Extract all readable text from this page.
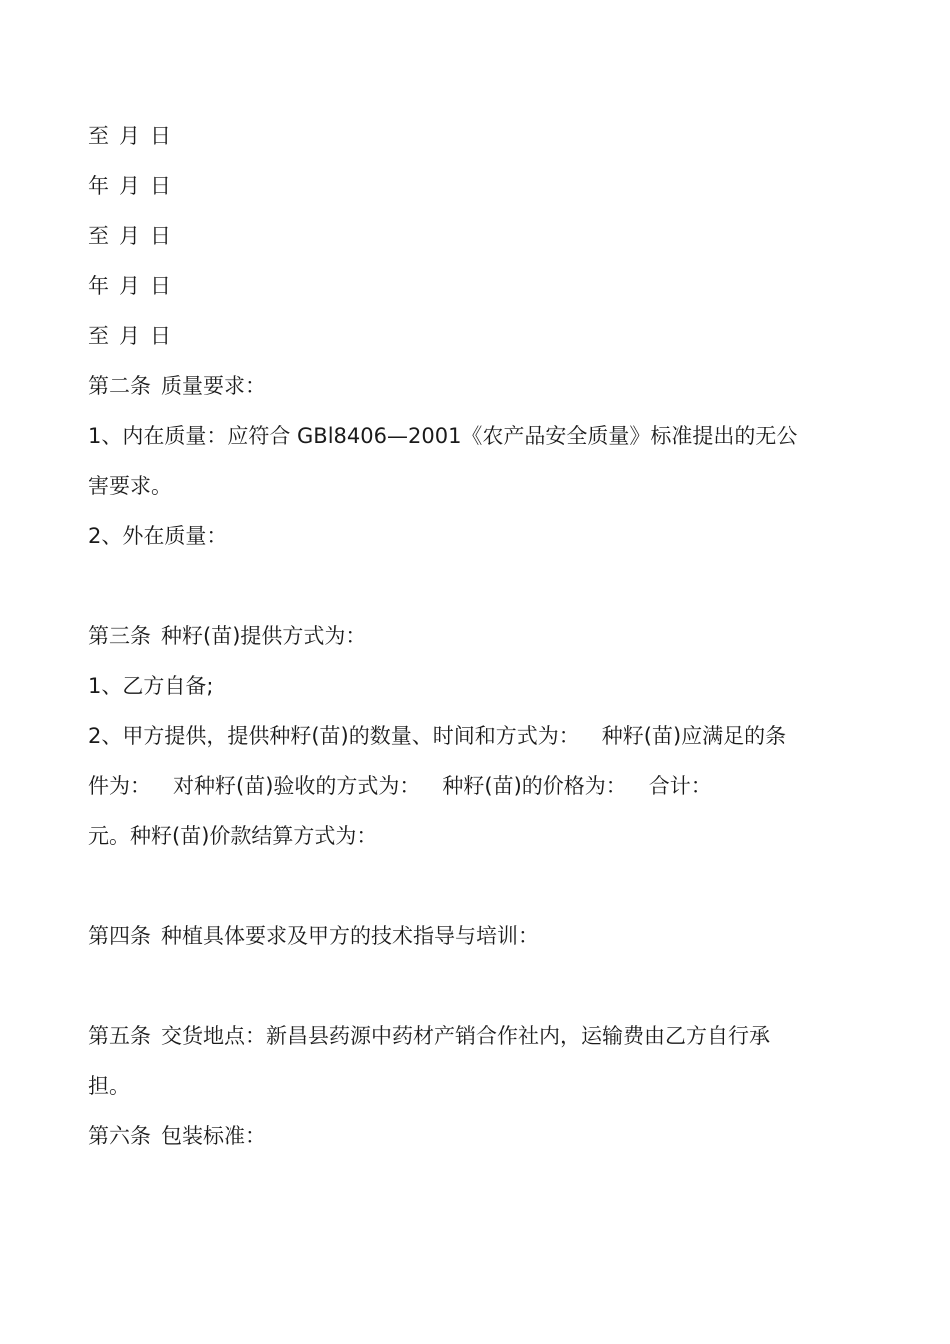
至 月 日

年 月 日

至 月 日

年 月 日

至 月 日

第二条 质量要求：

1、内在质量：应符合 GBl8406—2001《农产品安全质量》标准提出的无公

害要求。

2、外在质量：

第三条 种籽(苗)提供方式为：

1、乙方自备;

2、甲方提供，提供种籽(苗)的数量、时间和方式为： 种籽(苗)应满足的条

件为： 对种籽(苗)验收的方式为： 种籽(苗)的价格为： 合计：

元。种籽(苗)价款结算方式为：

第四条 种植具体要求及甲方的技术指导与培训：

第五条 交货地点：新昌县药源中药材产销合作社内，运输费由乙方自行承

担。

第六条 包装标准：
